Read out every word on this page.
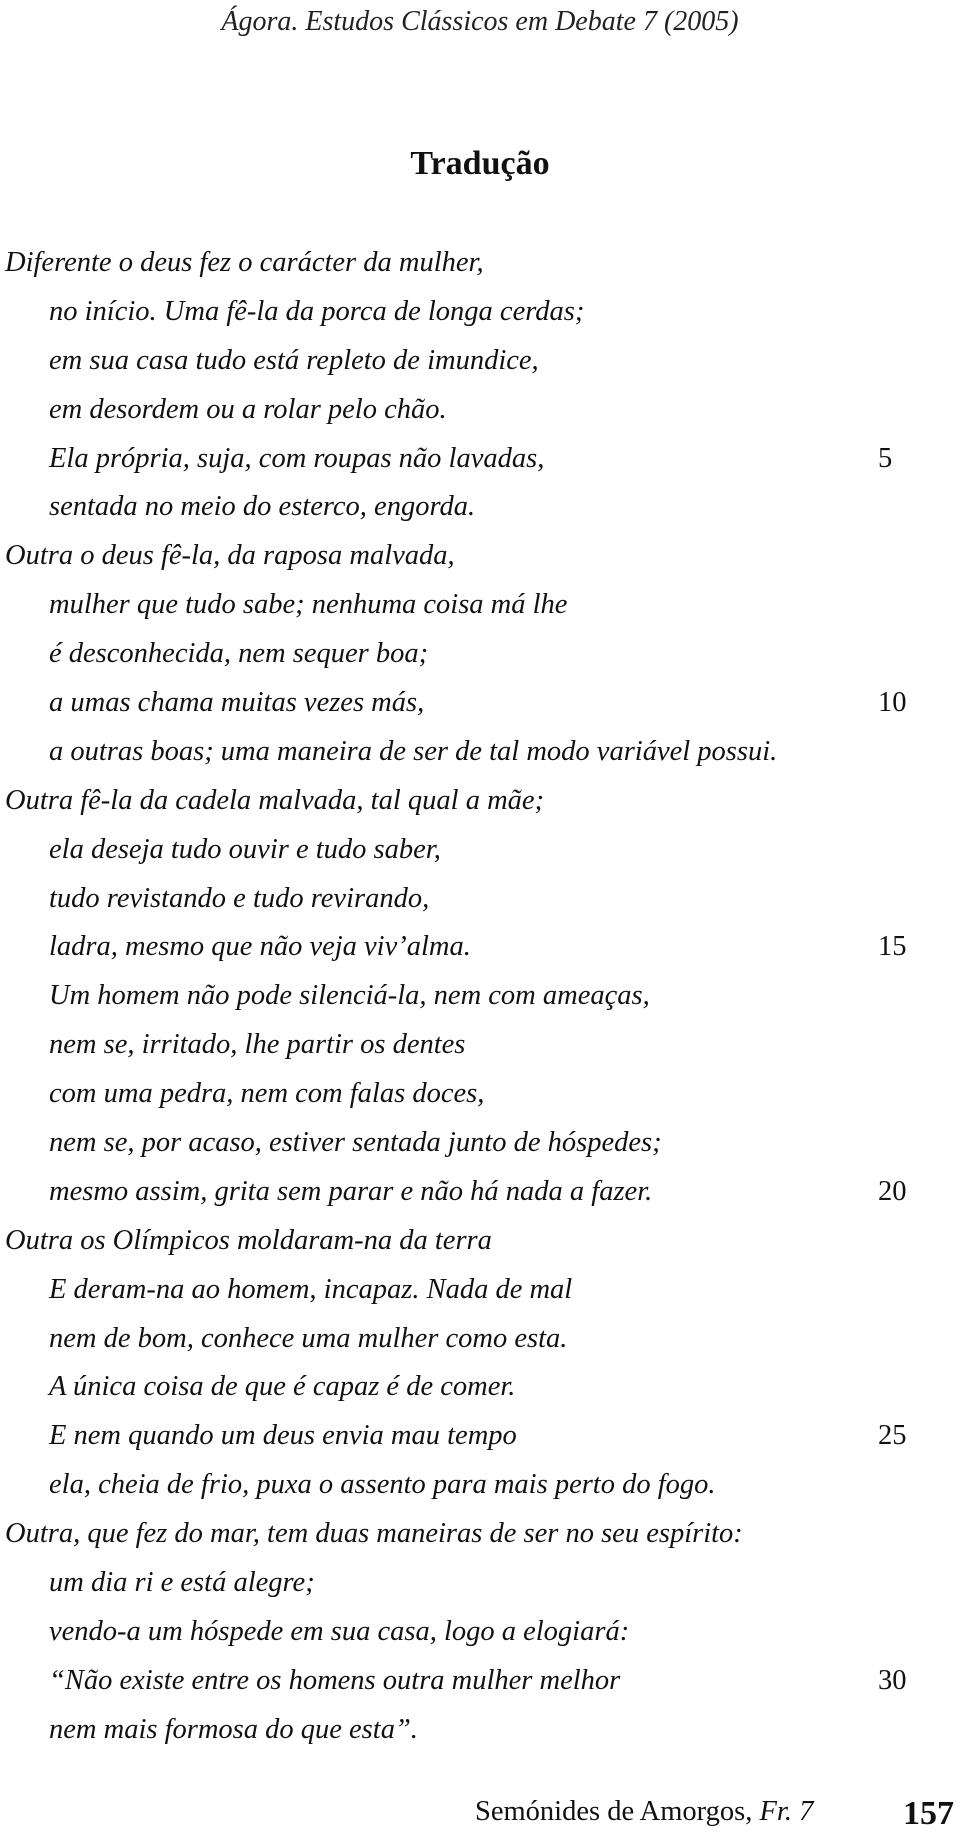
Ágora. Estudos Clássicos em Debate 7 (2005)
Tradução
Diferente o deus fez o carácter da mulher,
no início. Uma fê-la da porca de longa cerdas;
em sua casa tudo está repleto de imundice,
em desordem ou a rolar pelo chão.
Ela própria, suja, com roupas não lavadas,	5
sentada no meio do esterco, engorda.
Outra o deus fê-la, da raposa malvada,
mulher que tudo sabe; nenhuma coisa má lhe
é desconhecida, nem sequer boa;
a umas chama muitas vezes más,	10
a outras boas; uma maneira de ser de tal modo variável possui.
Outra fê-la da cadela malvada, tal qual a mãe;
ela deseja tudo ouvir e tudo saber,
tudo revistando e tudo revirando,
ladra, mesmo que não veja viv’alma.	15
Um homem não pode silenciá-la, nem com ameaças,
nem se, irritado, lhe partir os dentes
com uma pedra, nem com falas doces,
nem se, por acaso, estiver sentada junto de hóspedes;
mesmo assim, grita sem parar e não há nada a fazer.	20
Outra os Olímpicos moldaram-na da terra
E deram-na ao homem, incapaz. Nada de mal
nem de bom, conhece uma mulher como esta.
A única coisa de que é capaz é de comer.
E nem quando um deus envia mau tempo	25
ela, cheia de frio, puxa o assento para mais perto do fogo.
Outra, que fez do mar, tem duas maneiras de ser no seu espírito:
um dia ri e está alegre;
vendo-a um hóspede em sua casa, logo a elogiará:
“Não existe entre os homens outra mulher melhor	30
nem mais formosa do que esta”.
Semónides de Amorgos, Fr. 7	157
